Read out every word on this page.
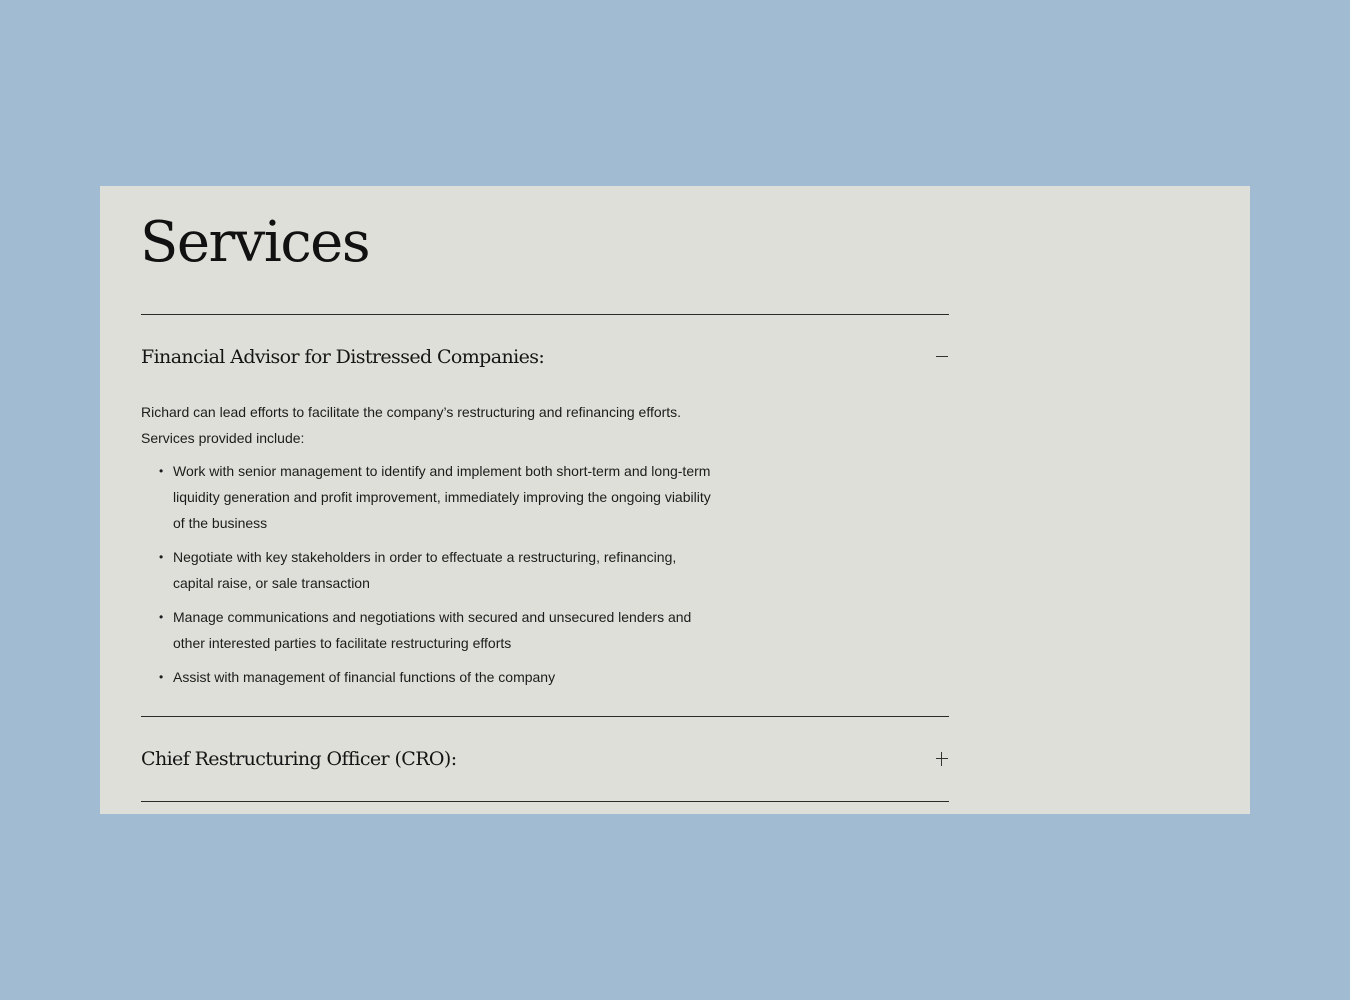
Services
Financial Advisor for Distressed Companies:

Richard can lead efforts to facilitate the company’s restructuring and refinancing efforts. Services provided include:

• Work with senior management to identify and implement both short-term and long-term liquidity generation and profit improvement, immediately improving the ongoing viability of the business
• Negotiate with key stakeholders in order to effectuate a restructuring, refinancing, capital raise, or sale transaction
• Manage communications and negotiations with secured and unsecured lenders and other interested parties to facilitate restructuring efforts
• Assist with management of financial functions of the company
Chief Restructuring Officer (CRO):
